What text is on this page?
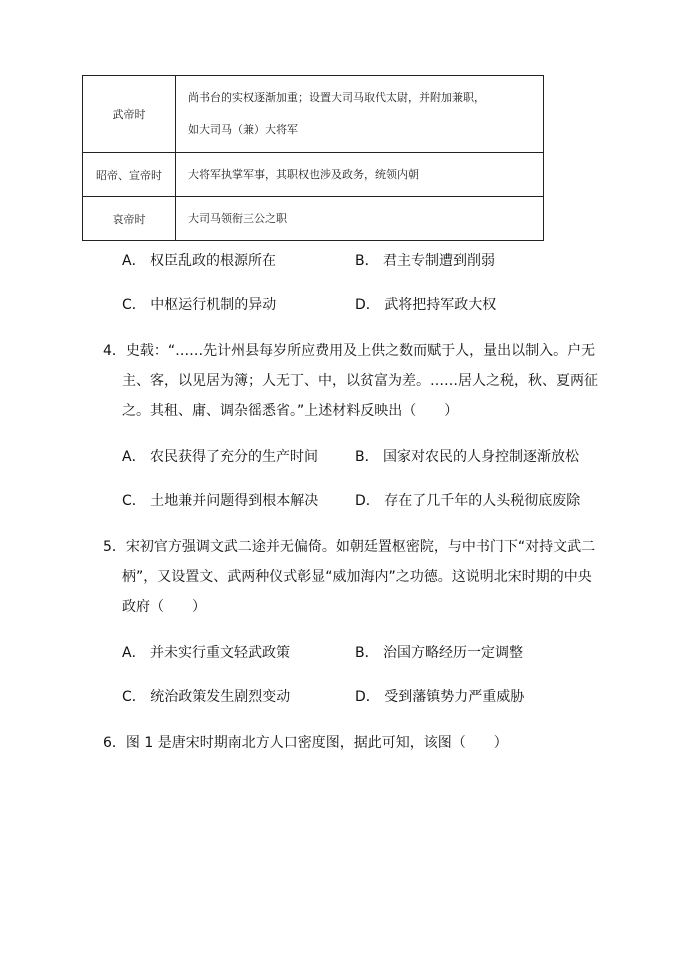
武帝时	尚书台的实权逐渐加重；设置大司马取代太尉，并附加兼职，
如大司马（兼）大将军

昭帝、宣帝时	大将军执掌军事，其职权也涉及政务，统领内朝

哀帝时	大司马领衔三公之职
A． 权臣乱政的根源所在	B． 君主专制遭到削弱
C． 中枢运行机制的异动	D． 武将把持军政大权
4．史载：“……先计州县每岁所应费用及上供之数而赋于人，量出以制入。户无
主、客，以见居为簿；人无丁、中，以贫富为差。……居人之税，秋、夏两征
之。其租、庸、调杂徭悉省。”上述材料反映出（　　）
A． 农民获得了充分的生产时间	B． 国家对农民的人身控制逐渐放松
C． 土地兼并问题得到根本解决	D． 存在了几千年的人头税彻底废除
5．宋初官方强调文武二途并无偏倚。如朝廷置枢密院，与中书门下“对持文武二
柄”，又设置文、武两种仪式彰显“威加海内”之功德。这说明北宋时期的中央
政府（　　）
A． 并未实行重文轻武政策	B． 治国方略经历一定调整
C． 统治政策发生剧烈变动	D． 受到藩镇势力严重威胁
6．图 1 是唐宋时期南北方人口密度图，据此可知，该图（　　）
